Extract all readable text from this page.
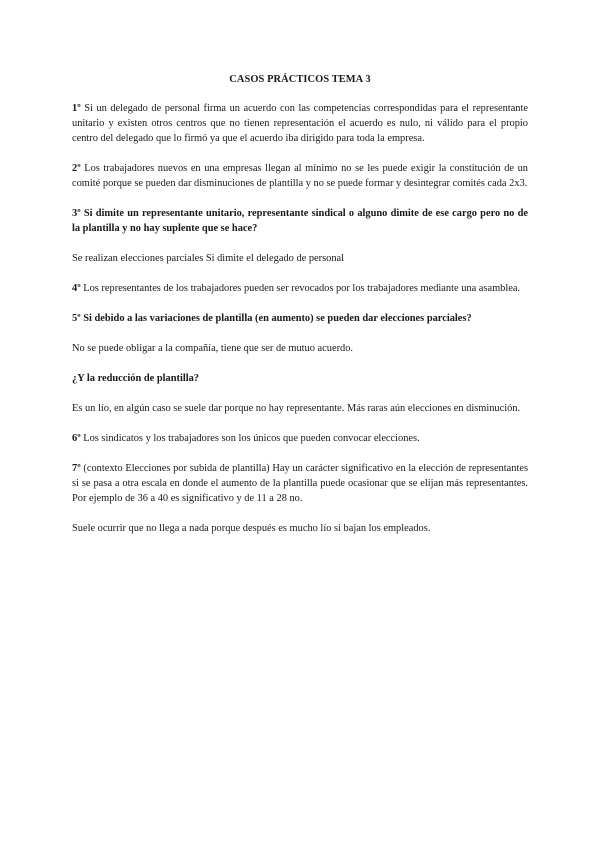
CASOS PRÁCTICOS TEMA 3

1º Si un delegado de personal firma un acuerdo con las competencias correspondidas para el representante unitario y existen otros centros que no tienen representación el acuerdo es nulo, ni válido para el propio centro del delegado que lo firmó ya que el acuerdo iba dirigido para toda la empresa.

2º Los trabajadores nuevos en una empresas llegan al mínimo no se les puede exigir la constitución de un comité porque se pueden dar disminuciones de plantilla y no se puede formar y desintegrar comités cada 2x3.

3º Si dimite un representante unitario, representante sindical o alguno dimite de ese cargo pero no de la plantilla y no hay suplente que se hace?

Se realizan elecciones parciales Si dimite el delegado de personal

4º Los representantes de los trabajadores pueden ser revocados por los trabajadores mediante una asamblea.

5º Si debido a las variaciones de plantilla (en aumento) se pueden dar elecciones parciales?

No se puede obligar a la compañía, tiene que ser de mutuo acuerdo.

¿Y la reducción de plantilla?

Es un lío, en algún caso se suele dar porque no hay representante. Más raras aún elecciones en disminución.

6º Los sindicatos y los trabajadores son los únicos que pueden convocar elecciones.

7º (contexto Elecciones por subida de plantilla) Hay un carácter significativo en la elección de representantes si se pasa a otra escala en donde el aumento de la plantilla puede ocasionar que se elijan más representantes. Por ejemplo de 36 a 40 es significativo y de 11 a 28 no.

Suele ocurrir que no llega a nada porque después es mucho lío si bajan los empleados.
